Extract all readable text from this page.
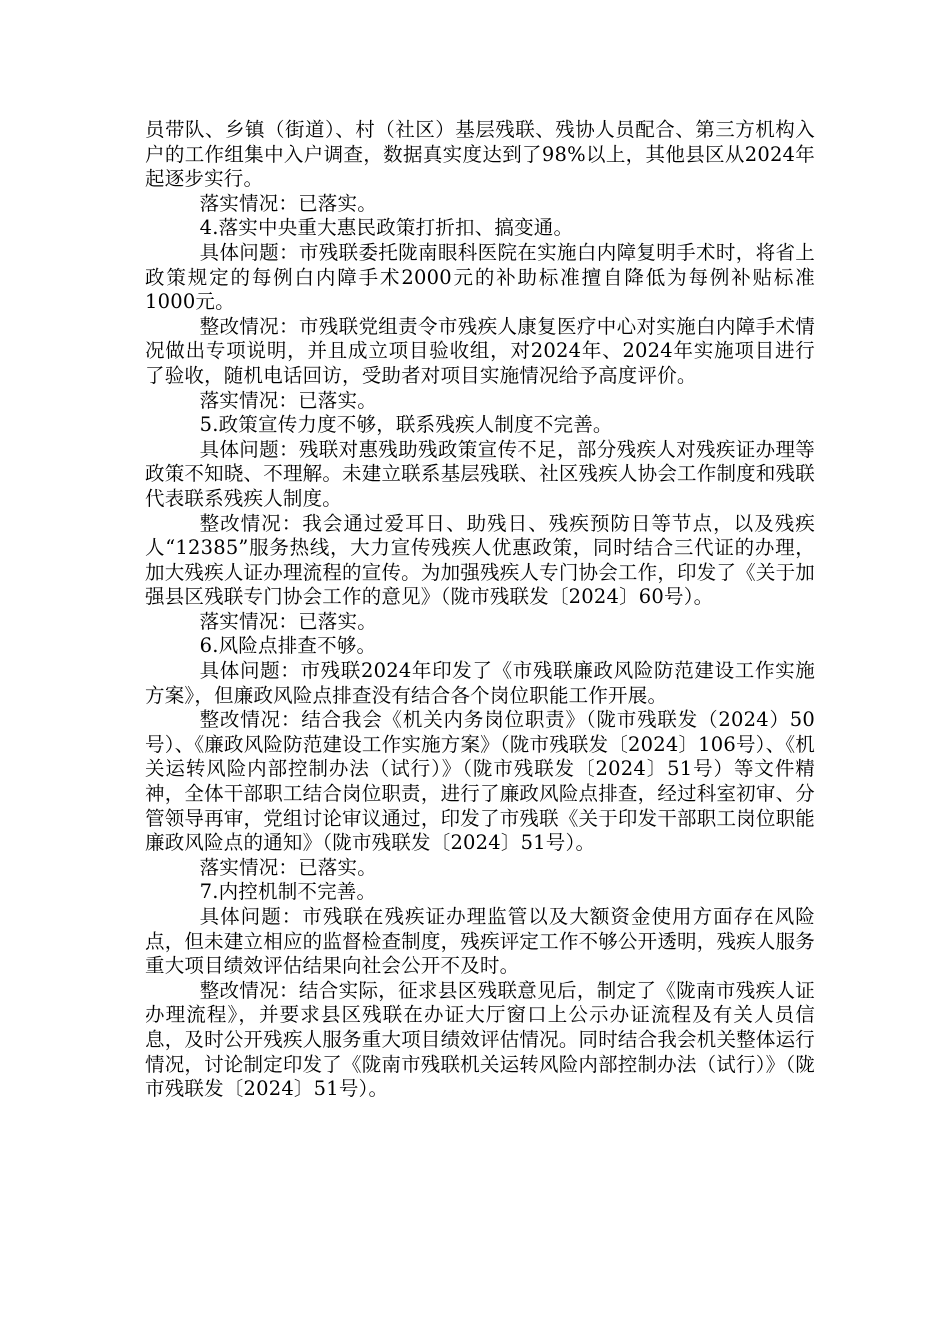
员带队、乡镇（街道）、村（社区）基层残联、残协人员配合、第三方机构入户的工作组集中入户调查，数据真实度达到了98%以上，其他县区从2024年起逐步实行。

落实情况：已落实。

4.落实中央重大惠民政策打折扣、搞变通。

具体问题：市残联委托陇南眼科医院在实施白内障复明手术时，将省上政策规定的每例白内障手术2000元的补助标准擅自降低为每例补贴标准1000元。

整改情况：市残联党组责令市残疾人康复医疗中心对实施白内障手术情况做出专项说明，并且成立项目验收组，对2024年、2024年实施项目进行了验收，随机电话回访，受助者对项目实施情况给予高度评价。

落实情况：已落实。

5.政策宣传力度不够，联系残疾人制度不完善。

具体问题：残联对惠残助残政策宣传不足，部分残疾人对残疾证办理等政策不知晓、不理解。未建立联系基层残联、社区残疾人协会工作制度和残联代表联系残疾人制度。

整改情况：我会通过爱耳日、助残日、残疾预防日等节点，以及残疾人“12385”服务热线，大力宣传残疾人优惠政策，同时结合三代证的办理，加大残疾人证办理流程的宣传。为加强残疾人专门协会工作，印发了《关于加强县区残联专门协会工作的意见》（陇市残联发〔2024〕60号）。

落实情况：已落实。

6.风险点排查不够。

具体问题：市残联2024年印发了《市残联廉政风险防范建设工作实施方案》，但廉政风险点排查没有结合各个岗位职能工作开展。

整改情况：结合我会《机关内务岗位职责》（陇市残联发（2024）50号）、《廉政风险防范建设工作实施方案》（陇市残联发〔2024〕106号）、《机关运转风险内部控制办法（试行）》（陇市残联发〔2024〕51号）等文件精神，全体干部职工结合岗位职责，进行了廉政风险点排查，经过科室初审、分管领导再审，党组讨论审议通过，印发了市残联《关于印发干部职工岗位职能廉政风险点的通知》（陇市残联发〔2024〕51号）。

落实情况：已落实。

7.内控机制不完善。

具体问题：市残联在残疾证办理监管以及大额资金使用方面存在风险点，但未建立相应的监督检查制度，残疾评定工作不够公开透明，残疾人服务重大项目绩效评估结果向社会公开不及时。

整改情况：结合实际，征求县区残联意见后，制定了《陇南市残疾人证办理流程》，并要求县区残联在办证大厅窗口上公示办证流程及有关人员信息，及时公开残疾人服务重大项目绩效评估情况。同时结合我会机关整体运行情况，讨论制定印发了《陇南市残联机关运转风险内部控制办法（试行）》（陇市残联发〔2024〕51号）。
